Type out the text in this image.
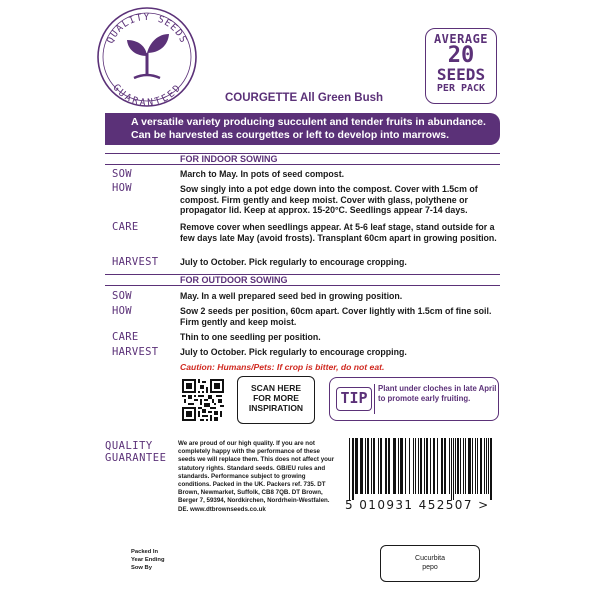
QUALITY SEEDS
GUARANTEED
AVERAGE
20
SEEDS
PER PACK
COURGETTE All Green Bush
A versatile variety producing succulent and tender fruits in abundance.
Can be harvested as courgettes or left to develop into marrows.
FOR INDOOR SOWING
SOW	March to May. In pots of seed compost.
HOW	Sow singly into a pot edge down into the compost. Cover with 1.5cm of compost. Firm gently and keep moist. Cover with glass, polythene or propagator lid. Keep at approx. 15-20°C. Seedlings appear 7-14 days.
CARE	Remove cover when seedlings appear. At 5-6 leaf stage, stand outside for a few days late May (avoid frosts). Transplant 60cm apart in growing position.
HARVEST July to October. Pick regularly to encourage cropping.
FOR OUTDOOR SOWING
SOW	May. In a well prepared seed bed in growing position.
HOW	Sow 2 seeds per position, 60cm apart. Cover lightly with 1.5cm of fine soil. Firm gently and keep moist.
CARE	Thin to one seedling per position.
HARVEST July to October. Pick regularly to encourage cropping.
Caution: Humans/Pets: If crop is bitter, do not eat.
SCAN HERE
FOR MORE
INSPIRATION
TIP
Plant under cloches in late April to promote early fruiting.
QUALITY
GUARANTEE
We are proud of our high quality. If you are not completely happy with the performance of these seeds we will replace them. This does not affect your statutory rights. Standard seeds. GB/EU rules and standards. Performance subject to growing conditions. Packed in the UK. Packers ref. 735. DT Brown, Newmarket, Suffolk, CB8 7QB. DT Brown, Berger 7, 59394, Nordkirchen, Nordrhein-Westfalen. DE. www.dtbrownseeds.co.uk	5 010931 452507 >
Packed In
Year Ending
Sow By
Cucurbita
pepo
